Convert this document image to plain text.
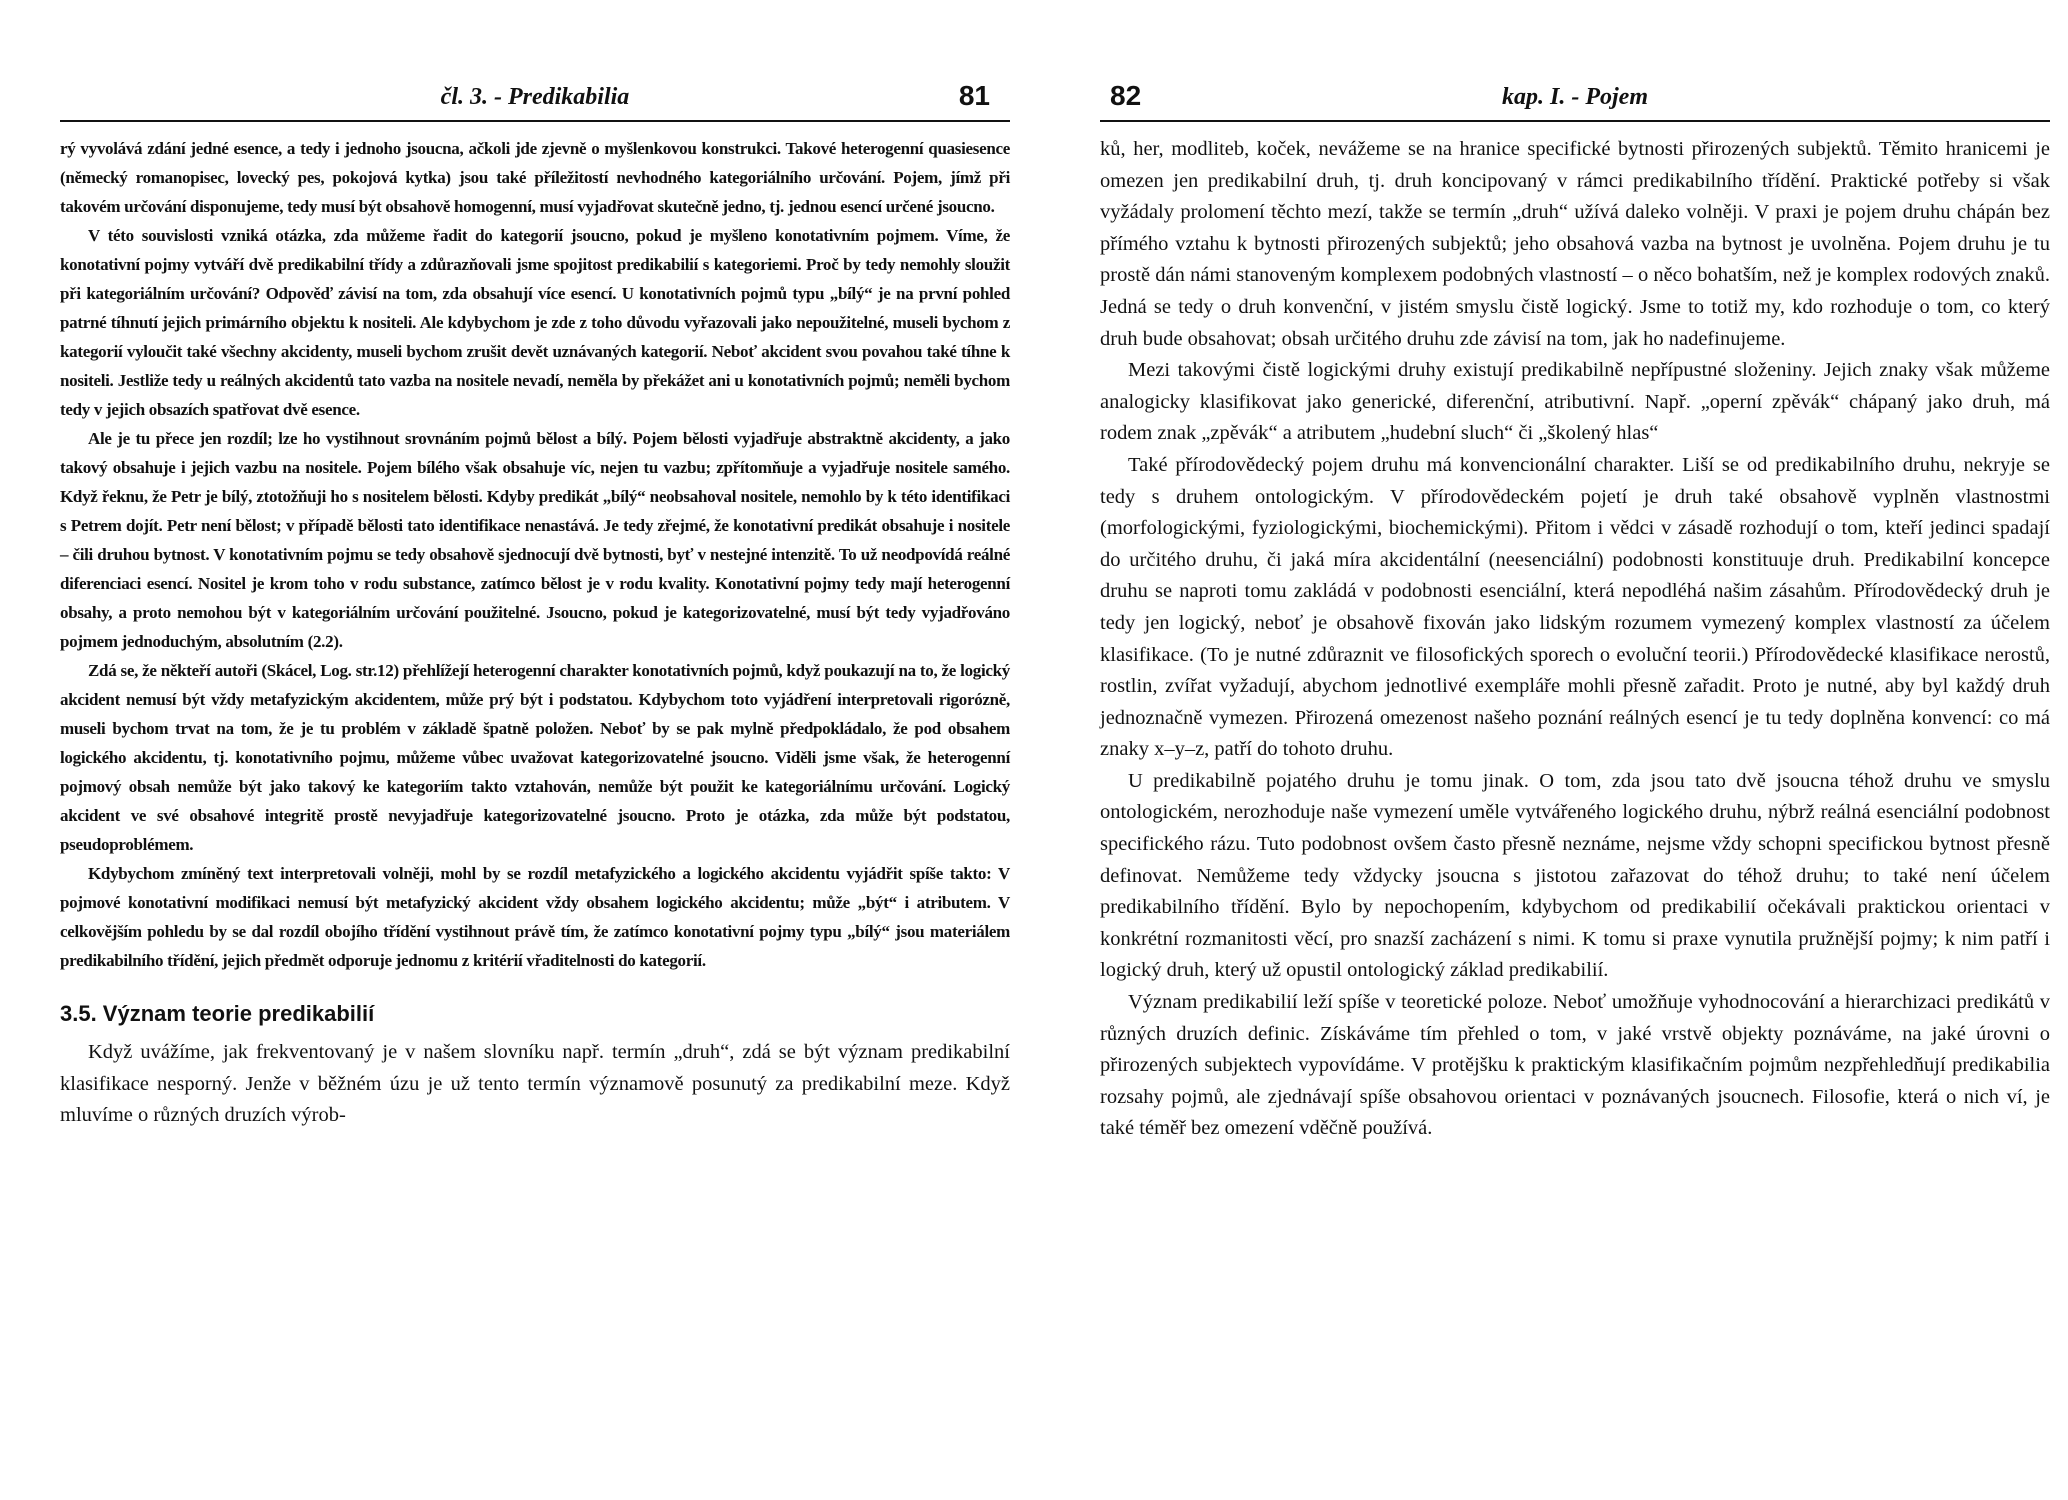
čl. 3. - Predikabilia	81

rý vyvolává zdání jedné esence, a tedy i jednoho jsoucna, ačkoli jde zjevně o myšlenkovou konstrukci. Takové heterogenní quasiesence (německý romanopisec, lovecký pes, pokojová kytka) jsou také příležitostí nevhodného kategoriálního určování. Pojem, jímž při takovém určování disponujeme, tedy musí být obsahově homogenní, musí vyjadřovat skutečně jedno, tj. jednou esencí určené jsoucno.

V této souvislosti vzniká otázka, zda můžeme řadit do kategorií jsoucno, pokud je myšleno konotativním pojmem. Víme, že konotativní pojmy vytváří dvě predikabilní třídy a zdůrazňovali jsme spojitost predikabilií s kategoriemi. Proč by tedy nemohly sloužit při kategoriálním určování? Odpověď závisí na tom, zda obsahují více esencí. U konotativních pojmů typu „bílý“ je na první pohled patrné tíhnutí jejich primárního objektu k nositeli. Ale kdybychom je zde z toho důvodu vyřazovali jako nepoužitelné, museli bychom z kategorií vyloučit také všechny akcidenty, museli bychom zrušit devět uznávaných kategorií. Neboť akcident svou povahou také tíhne k nositeli. Jestliže tedy u reálných akcidentů tato vazba na nositele nevadí, neměla by překážet ani u konotativních pojmů; neměli bychom tedy v jejich obsazích spatřovat dvě esence.

Ale je tu přece jen rozdíl; lze ho vystihnout srovnáním pojmů bělost a bílý. Pojem bělosti vyjadřuje abstraktně akcidenty, a jako takový obsahuje i jejich vazbu na nositele. Pojem bílého však obsahuje víc, nejen tu vazbu; zpřítomňuje a vyjadřuje nositele samého. Když řeknu, že Petr je bílý, ztotožňuji ho s nositelem bělosti. Kdyby predikát „bílý“ neobsahoval nositele, nemohlo by k této identifikaci s Petrem dojít. Petr není bělost; v případě bělosti tato identifikace nenastává. Je tedy zřejmé, že konotativní predikát obsahuje i nositele – čili druhou bytnost. V konotativním pojmu se tedy obsahově sjednocují dvě bytnosti, byť v nestejné intenzitě. To už neodpovídá reálné diferenciaci esencí. Nositel je krom toho v rodu substance, zatímco bělost je v rodu kvality. Konotativní pojmy tedy mají heterogenní obsahy, a proto nemohou být v kategoriálním určování použitelné. Jsoucno, pokud je kategorizovatelné, musí být tedy vyjadřováno pojmem jednoduchým, absolutním (2.2).

Zdá se, že někteří autoři (Skácel, Log. str.12) přehlížejí heterogenní charakter konotativních pojmů, když poukazují na to, že logický akcident nemusí být vždy metafyzickým akcidentem, může prý být i podstatou. Kdybychom toto vyjádření interpretovali rigorózně, museli bychom trvat na tom, že je tu problém v základě špatně položen. Neboť by se pak mylně předpokládalo, že pod obsahem logického akcidentu, tj. konotativního pojmu, můžeme vůbec uvažovat kategorizovatelné jsoucno. Viděli jsme však, že heterogenní pojmový obsah nemůže být jako takový ke kategoriím takto vztahován, nemůže být použit ke kategoriálnímu určování. Logický akcident ve své obsahové integritě prostě nevyjadřuje kategorizovatelné jsoucno. Proto je otázka, zda může být podstatou, pseudoproblémem.

Kdybychom zmíněný text interpretovali volněji, mohl by se rozdíl metafyzického a logického akcidentu vyjádřit spíše takto: V pojmové konotativní modifikaci nemusí být metafyzický akcident vždy obsahem logického akcidentu; může „být“ i atributem. V celkovějším pohledu by se dal rozdíl obojího třídění vystihnout právě tím, že zatímco konotativní pojmy typu „bílý“ jsou materiálem predikabilního třídění, jejich předmět odporuje jednomu z kritérií vřaditelnosti do kategorií.

3.5. Význam teorie predikabilií

Když uvážíme, jak frekventovaný je v našem slovníku např. termín „druh“, zdá se být význam predikabilní klasifikace nesporný. Jenže v běžném úzu je už tento termín významově posunutý za predikabilní meze. Když mluvíme o různých druzích výrob-

82	kap. I. - Pojem

ků, her, modliteb, koček, nevážeme se na hranice specifické bytnosti přirozených subjektů. Těmito hranicemi je omezen jen predikabilní druh, tj. druh koncipovaný v rámci predikabilního třídění. Praktické potřeby si však vyžádaly prolomení těchto mezí, takže se termín „druh“ užívá daleko volněji. V praxi je pojem druhu chápán bez přímého vztahu k bytnosti přirozených subjektů; jeho obsahová vazba na bytnost je uvolněna. Pojem druhu je tu prostě dán námi stanoveným komplexem podobných vlastností – o něco bohatším, než je komplex rodových znaků. Jedná se tedy o druh konvenční, v jistém smyslu čistě logický. Jsme to totiž my, kdo rozhoduje o tom, co který druh bude obsahovat; obsah určitého druhu zde závisí na tom, jak ho nadefinujeme.

Mezi takovými čistě logickými druhy existují predikabilně nepřípustné složeniny. Jejich znaky však můžeme analogicky klasifikovat jako generické, diferenční, atributivní. Např. „operní zpěvák“ chápaný jako druh, má rodem znak „zpěvák“ a atributem „hudební sluch“ či „školený hlas“

Také přírodovědecký pojem druhu má konvencionální charakter. Liší se od predikabilního druhu, nekryje se tedy s druhem ontologickým. V přírodovědeckém pojetí je druh také obsahově vyplněn vlastnostmi (morfologickými, fyziologickými, biochemickými). Přitom i vědci v zásadě rozhodují o tom, kteří jedinci spadají do určitého druhu, či jaká míra akcidentální (neesenciální) podobnosti konstituuje druh. Predikabilní koncepce druhu se naproti tomu zakládá v podobnosti esenciální, která nepodléhá našim zásahům. Přírodovědecký druh je tedy jen logický, neboť je obsahově fixován jako lidským rozumem vymezený komplex vlastností za účelem klasifikace. (To je nutné zdůraznit ve filosofických sporech o evoluční teorii.) Přírodovědecké klasifikace nerostů, rostlin, zvířat vyžadují, abychom jednotlivé exempláře mohli přesně zařadit. Proto je nutné, aby byl každý druh jednoznačně vymezen. Přirozená omezenost našeho poznání reálných esencí je tu tedy doplněna konvencí: co má znaky x–y–z, patří do tohoto druhu.

U predikabilně pojatého druhu je tomu jinak. O tom, zda jsou tato dvě jsoucna téhož druhu ve smyslu ontologickém, nerozhoduje naše vymezení uměle vytvářeného logického druhu, nýbrž reálná esenciální podobnost specifického rázu. Tuto podobnost ovšem často přesně neznáme, nejsme vždy schopni specifickou bytnost přesně definovat. Nemůžeme tedy vždycky jsoucna s jistotou zařazovat do téhož druhu; to také není účelem predikabilního třídění. Bylo by nepochopením, kdybychom od predikabilií očekávali praktickou orientaci v konkrétní rozmanitosti věcí, pro snazší zacházení s nimi. K tomu si praxe vynutila pružnější pojmy; k nim patří i logický druh, který už opustil ontologický základ predikabilií.

Význam predikabilií leží spíše v teoretické poloze. Neboť umožňuje vyhodnocování a hierarchizaci predikátů v různých druzích definic. Získáváme tím přehled o tom, v jaké vrstvě objekty poznáváme, na jaké úrovni o přirozených subjektech vypovídáme. V protějšku k praktickým klasifikačním pojmům nezpřehledňují predikabilia rozsahy pojmů, ale zjednávají spíše obsahovou orientaci v poznávaných jsoucnech. Filosofie, která o nich ví, je také téměř bez omezení vděčně používá.
